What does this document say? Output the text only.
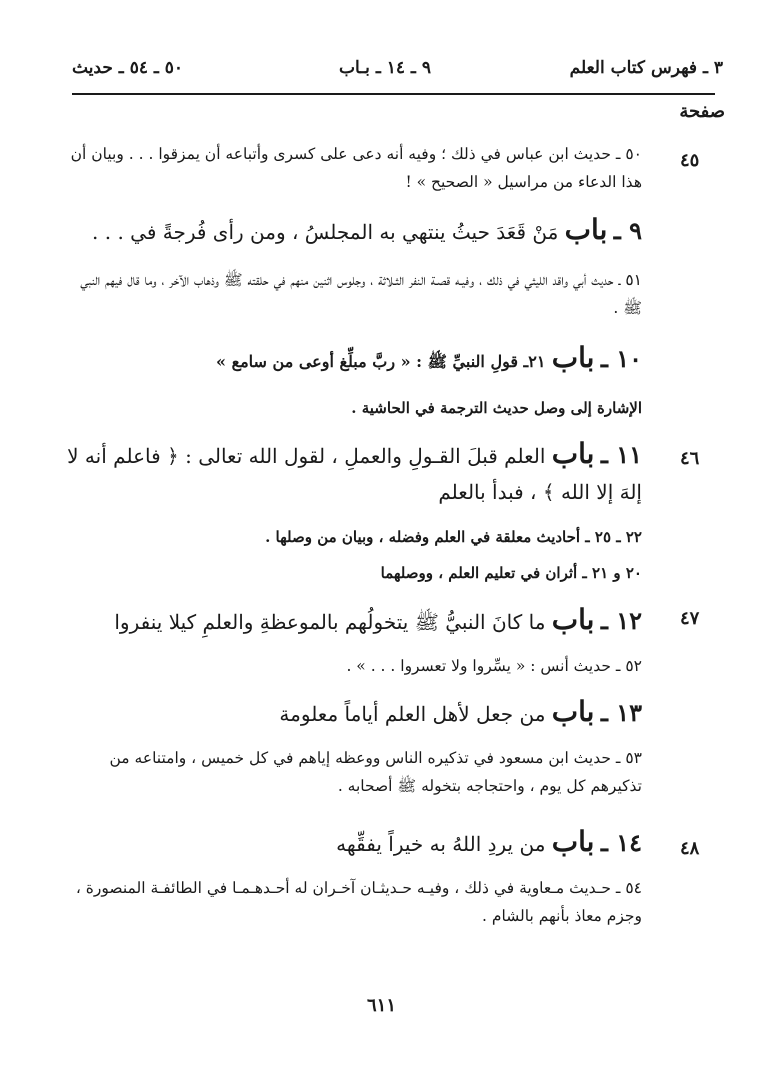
٣ ـ فهرس كتاب العلم
٩ ـ ١٤ ـ بـاب
٥٠ ـ ٥٤ ـ حديث
صفحة
٤٥
٤٦
٤٧
٤٨
٥٠ ـ حديث ابن عباس في ذلك ؛ وفيه أنه دعى على كسرى وأتباعه أن يمزقوا . . . وبيان أن هذا الدعاء من مراسيل « الصحيح » !
٩ ـ باب مَنْ قَعَدَ حيثُ ينتهي به المجلسُ ، ومن رأى فُرجةً في . . .
٥١ ـ حديث أبي واقد الليثي في ذلك ، وفيـه قصـة النفر الثـلاثة ، وجلوس اثنين منهم في حلقته ﷺ وذهاب الآخر ، وما قال فيهم النبي ﷺ .
١٠ ـ باب ٢١ـ قولِ النبيِّ ﷺ : « ربَّ مبلِّغ أوعى من سامع »
الإشارة إلى وصل حديث الترجمة في الحاشية .
١١ ـ باب العلم قبلَ القـولِ والعملِ ، لقول الله تعالى : ﴿ فاعلم أنه لا إلهَ إلا الله ﴾ ، فبدأ بالعلم
٢٢ ـ ٢٥ ـ أحاديث معلقة في العلم وفضله ، وبيان من وصلها .
٢٠ و ٢١ ـ أثران في تعليم العلم ، ووصلهما
١٢ ـ باب ما كانَ النبيُّ ﷺ يتخولُهم بالموعظةِ والعلمِ كيلا ينفروا
٥٢ ـ حديث أنس : « يسِّروا ولا تعسروا . . . » .
١٣ ـ باب من جعل لأهل العلم أياماً معلومة
٥٣ ـ حديث ابن مسعود في تذكيره الناس ووعظه إياهم في كل خميس ، وامتناعه من تذكيرهم كل يوم ، واحتجاجه بتخوله ﷺ أصحابه .
١٤ ـ باب من يردِ اللهُ به خيراً يفقِّهه
٥٤ ـ حـديث مـعاوية في ذلك ، وفيـه حـديثـان آخـران له أحـدهـمـا في الطائفـة المنصورة ، وجزم معاذ بأنهم بالشام .
٦١١
